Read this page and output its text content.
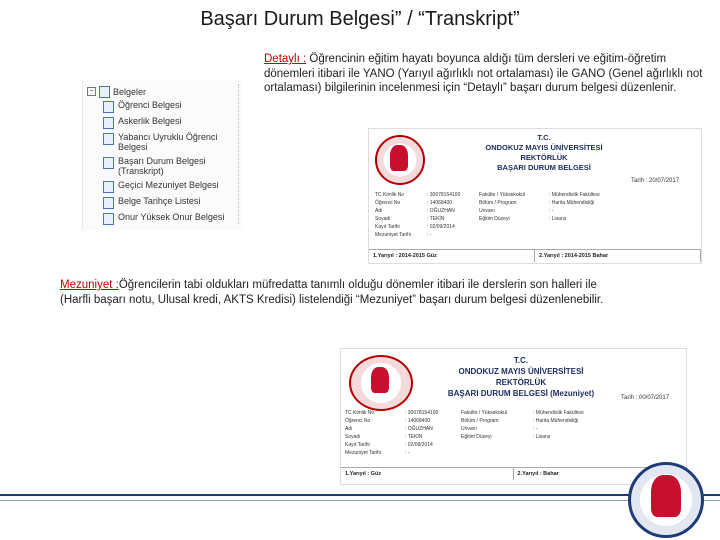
Başarı Durum Belgesi” / “Transkript”
− Belgeler
Öğrenci Belgesi
Askerlik Belgesi
Yabancı Uyruklu Öğrenci Belgesi
Başarı Durum Belgesi (Transkript)
Geçici Mezuniyet Belgesi
Belge Tarihçe Listesi
Onur Yüksek Onur Belgesi
Detaylı : Öğrencinin eğitim hayatı boyunca aldığı tüm dersleri ve eğitim-öğretim dönemleri itibari ile YANO (Yarıyıl ağırlıklı not ortalaması) ile GANO (Genel ağırlıklı not ortalaması) bilgilerinin incelenmesi için “Detaylı” başarı durum belgesi düzenlenir.
T.C.
ONDOKUZ MAYIS ÜNİVERSİTESİ
REKTÖRLÜK
BAŞARI DURUM BELGESİ
Tarih : 20/07/2017
TC Kimlik No	: 30678154100	Fakülte / Yüksekokul	: Mühendislik Fakültesi
Öğrenci No	: 14068400	Bölüm / Program	: Harita Mühendisliği
Adı	: OĞUZHAN	Unvanı	: -
Soyadı	: TEKİN	Eğitim Düzeyi	: Lisans
Kayıt Tarihi	: 02/09/2014
Mezuniyet Tarihi	: -
1.Yarıyıl : 2014-2015 Güz	2.Yarıyıl : 2014-2015 Bahar
Mezuniyet :Öğrencilerin tabi oldukları müfredatta tanımlı olduğu dönemler itibari ile derslerin son halleri ile (Harfli başarı notu, Ulusal kredi, AKTS Kredisi) listelendiği “Mezuniyet” başarı durum belgesi düzenlenebilir.
T.C.
ONDOKUZ MAYIS ÜNİVERSİTESİ
REKTÖRLÜK
BAŞARI DURUM BELGESİ (Mezuniyet)	Tarih : 00/07/2017
TC Kimlik No	: 30678154100	Fakülte / Yüksekokul	: Mühendislik Fakültesi
Öğrenci No	: 14068400	Bölüm / Program	: Harita Mühendisliği
Adı	: OĞUZHAN	Unvanı	: -
Soyadı	: TEKİN	Eğitim Düzeyi	: Lisans
Kayıt Tarihi	: 02/09/2014
Mezuniyet Tarihi	: -
1.Yarıyıl : Güz	2.Yarıyıl : Bahar
